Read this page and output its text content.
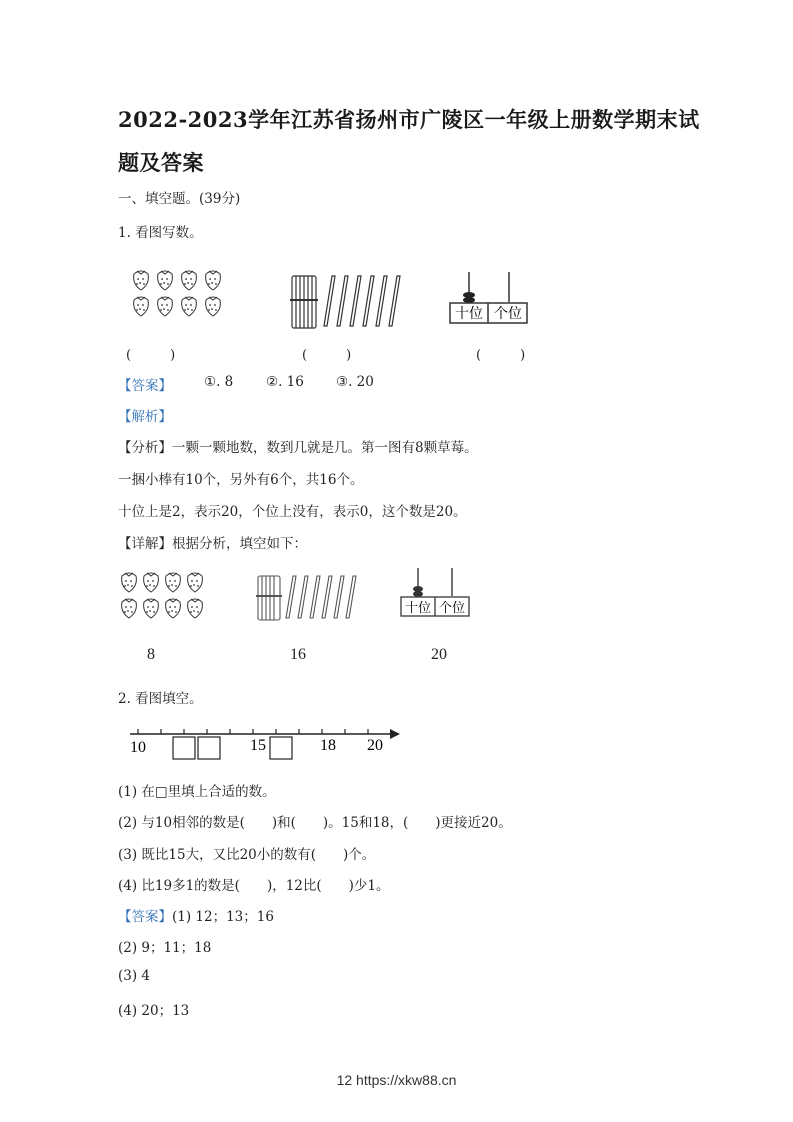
2022-2023学年江苏省扬州市广陵区一年级上册数学期末试
题及答案
一、填空题。(39分)
1. 看图写数。
十位 个位
(　　　)	(　　　)	(　　　)
【答案】 ①. 8 ②. 16 ③. 20
【解析】
【分析】一颗一颗地数，数到几就是几。第一图有8颗草莓。
一捆小棒有10个，另外有6个，共16个。
十位上是2，表示20，个位上没有，表示0，这个数是20。
【详解】根据分析，填空如下：
十位 个位
8	16	20
2. 看图填空。
10	15	18 20
(1) 在□里填上合适的数。
(2) 与10相邻的数是(　　)和(　　)。15和18，(　　)更接近20。
(3) 既比15大，又比20小的数有(　　)个。
(4) 比19多1的数是(　　)，12比(　　)少1。
【答案】(1) 12；13；16
(2) 9；11；18
(3) 4
(4) 20；13
12 https://xkw88.cn
